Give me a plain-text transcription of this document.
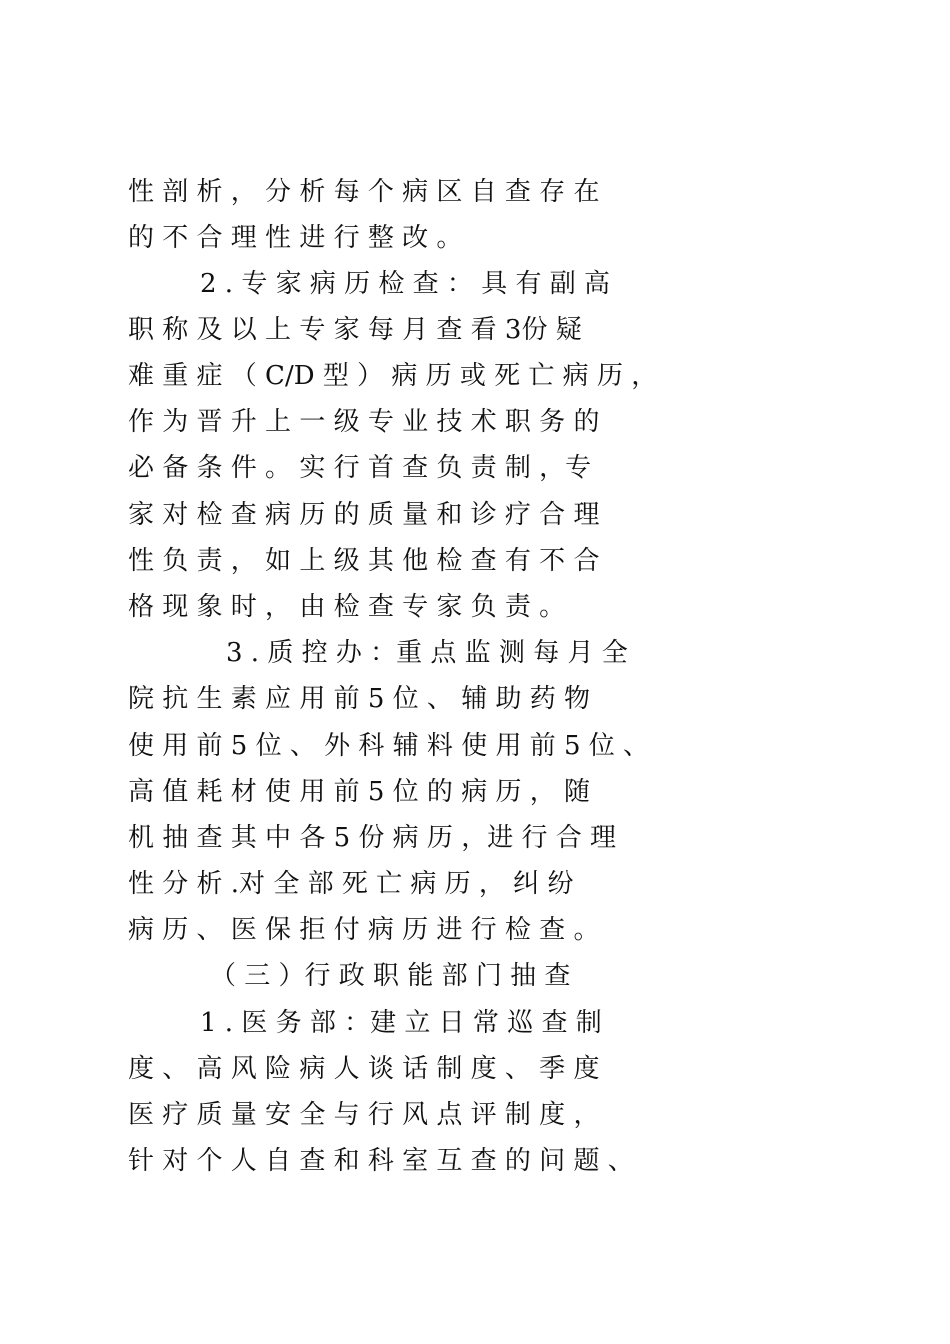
性 剖 析 ， 分 析 每 个 病 区 自 查 存 在
的 不 合 理 性 进 行 整 改 。
2 . 专 家 病 历 检 查 ： 具 有 副 高
职 称 及 以 上 专 家 每 月 查 看 3份 疑
难 重 症 （ C/D 型 ） 病 历 或 死 亡 病 历 ，
作 为 晋 升 上 一 级 专 业 技 术 职 务 的
必 备 条 件 。 实 行 首 查 负 责 制 ，专
家 对 检 查 病 历 的 质 量 和 诊 疗 合 理
性 负 责 ， 如 上 级 其 他 检 查 有 不 合
格 现 象 时 ， 由 检 查 专 家 负 责 。
3 . 质 控 办 ：重 点 监 测 每 月 全
院 抗 生 素 应 用 前 5 位 、 辅 助 药 物
使 用 前 5 位 、 外 科 辅 料 使 用 前 5 位 、
高 值 耗 材 使 用 前 5 位 的 病 历 ， 随
机 抽 查 其 中 各 5 份 病 历 ，进 行 合 理
性 分 析 .对 全 部 死 亡 病 历 ， 纠 纷
病 历 、 医 保 拒 付 病 历 进 行 检 查 。
（ 三 ）行 政 职 能 部 门 抽 查
1 . 医 务 部 ：建 立 日 常 巡 查 制
度 、 高 风 险 病 人 谈 话 制 度 、 季 度
医 疗 质 量 安 全 与 行 风 点 评 制 度 ，
针 对 个 人 自 查 和 科 室 互 查 的 问 题 、
